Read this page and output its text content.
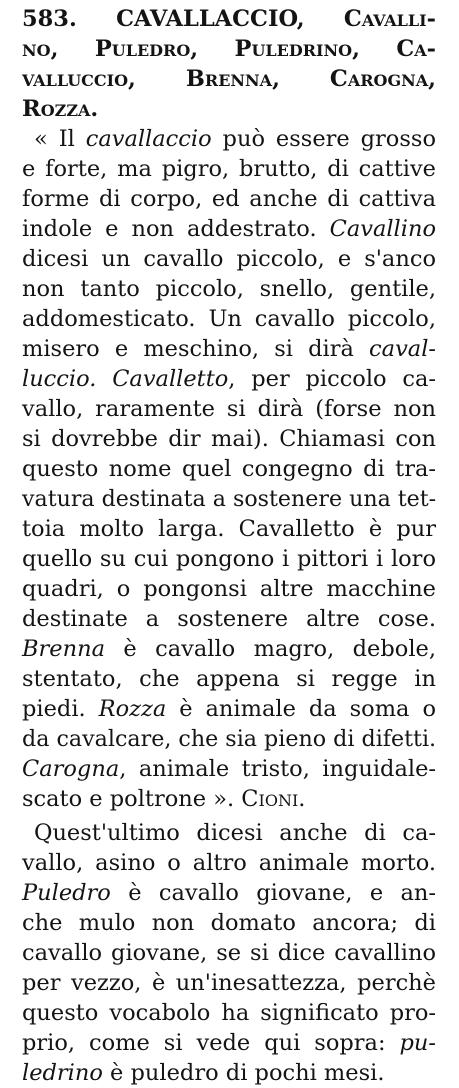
583. CAVALLACCIO, Cavalli-
no, Puledro, Puledrino, Ca-
valluccio, Brenna, Carogna,
Rozza.
« Il cavallaccio può essere grosso
e forte, ma pigro, brutto, di cattive
forme di corpo, ed anche di cattiva
indole e non addestrato. Cavallino
dicesi un cavallo piccolo, e s'anco
non tanto piccolo, snello, gentile,
addomesticato. Un cavallo piccolo,
misero e meschino, si dirà caval-
luccio. Cavalletto, per piccolo ca-
vallo, raramente si dirà (forse non
si dovrebbe dir mai). Chiamasi con
questo nome quel congegno di tra-
vatura destinata a sostenere una tet-
toia molto larga. Cavalletto è pur
quello su cui pongono i pittori i loro
quadri, o pongonsi altre macchine
destinate a sostenere altre cose.
Brenna è cavallo magro, debole,
stentato, che appena si regge in
piedi. Rozza è animale da soma o
da cavalcare, che sia pieno di difetti.
Carogna, animale tristo, inguidale-
scato e poltrone ». Cioni.
Quest'ultimo dicesi anche di ca-
vallo, asino o altro animale morto.
Puledro è cavallo giovane, e an-
che mulo non domato ancora; di
cavallo giovane, se si dice cavallino
per vezzo, è un'inesattezza, perchè
questo vocabolo ha significato pro-
prio, come si vede qui sopra: pu-
ledrino è puledro di pochi mesi.
